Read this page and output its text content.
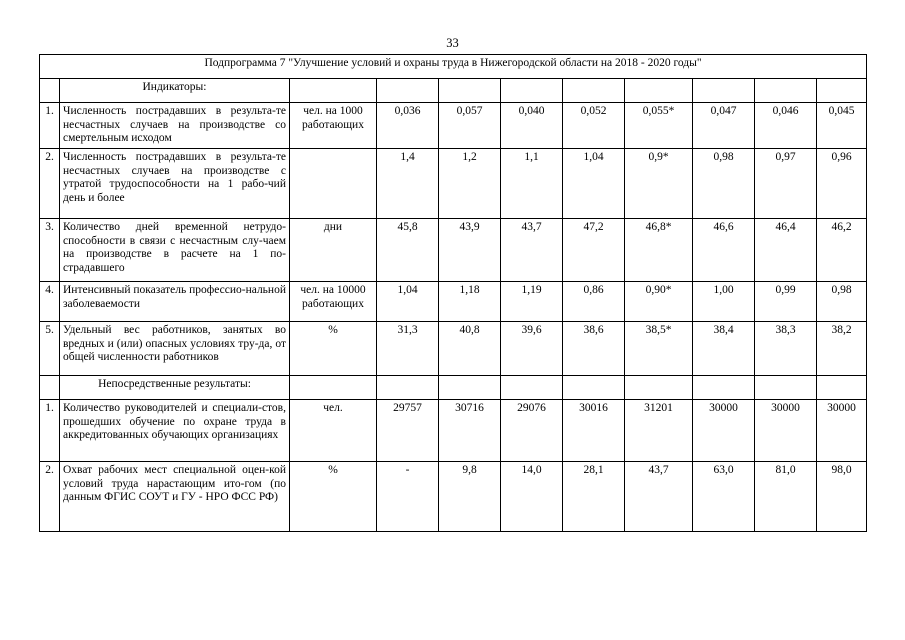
33
Подпрограмма 7 "Улучшение условий и охраны труда в Нижегородской области на 2018 - 2020 годы"										
	Индикаторы:									
1.	Численность пострадавших в результа-те несчастных случаев на производстве со смертельным исходом	чел. на 1000 работающих	0,036	0,057	0,040	0,052	0,055*	0,047	0,046	0,045
2.	Численность пострадавших в результа-те несчастных случаев на производстве с утратой трудоспособности на 1 рабо-чий день и более		1,4	1,2	1,1	1,04	0,9*	0,98	0,97	0,96
3.	Количество дней временной нетрудо-способности в связи с несчастным слу-чаем на производстве в расчете на 1 по-страдавшего	дни	45,8	43,9	43,7	47,2	46,8*	46,6	46,4	46,2
4.	Интенсивный показатель профессио-нальной заболеваемости	чел. на 10000 работающих	1,04	1,18	1,19	0,86	0,90*	1,00	0,99	0,98
5.	Удельный вес работников, занятых во вредных и (или) опасных условиях тру-да, от общей численности работников	%	31,3	40,8	39,6	38,6	38,5*	38,4	38,3	38,2
	Непосредственные результаты:									
1.	Количество руководителей и специали-стов, прошедших обучение по охране труда в аккредитованных обучающих организациях	чел.	29757	30716	29076	30016	31201	30000	30000	30000
2.	Охват рабочих мест специальной оцен-кой условий труда нарастающим ито-гом (по данным ФГИС СОУТ и ГУ - НРО ФСС РФ)	%	-	9,8	14,0	28,1	43,7	63,0	81,0	98,0
